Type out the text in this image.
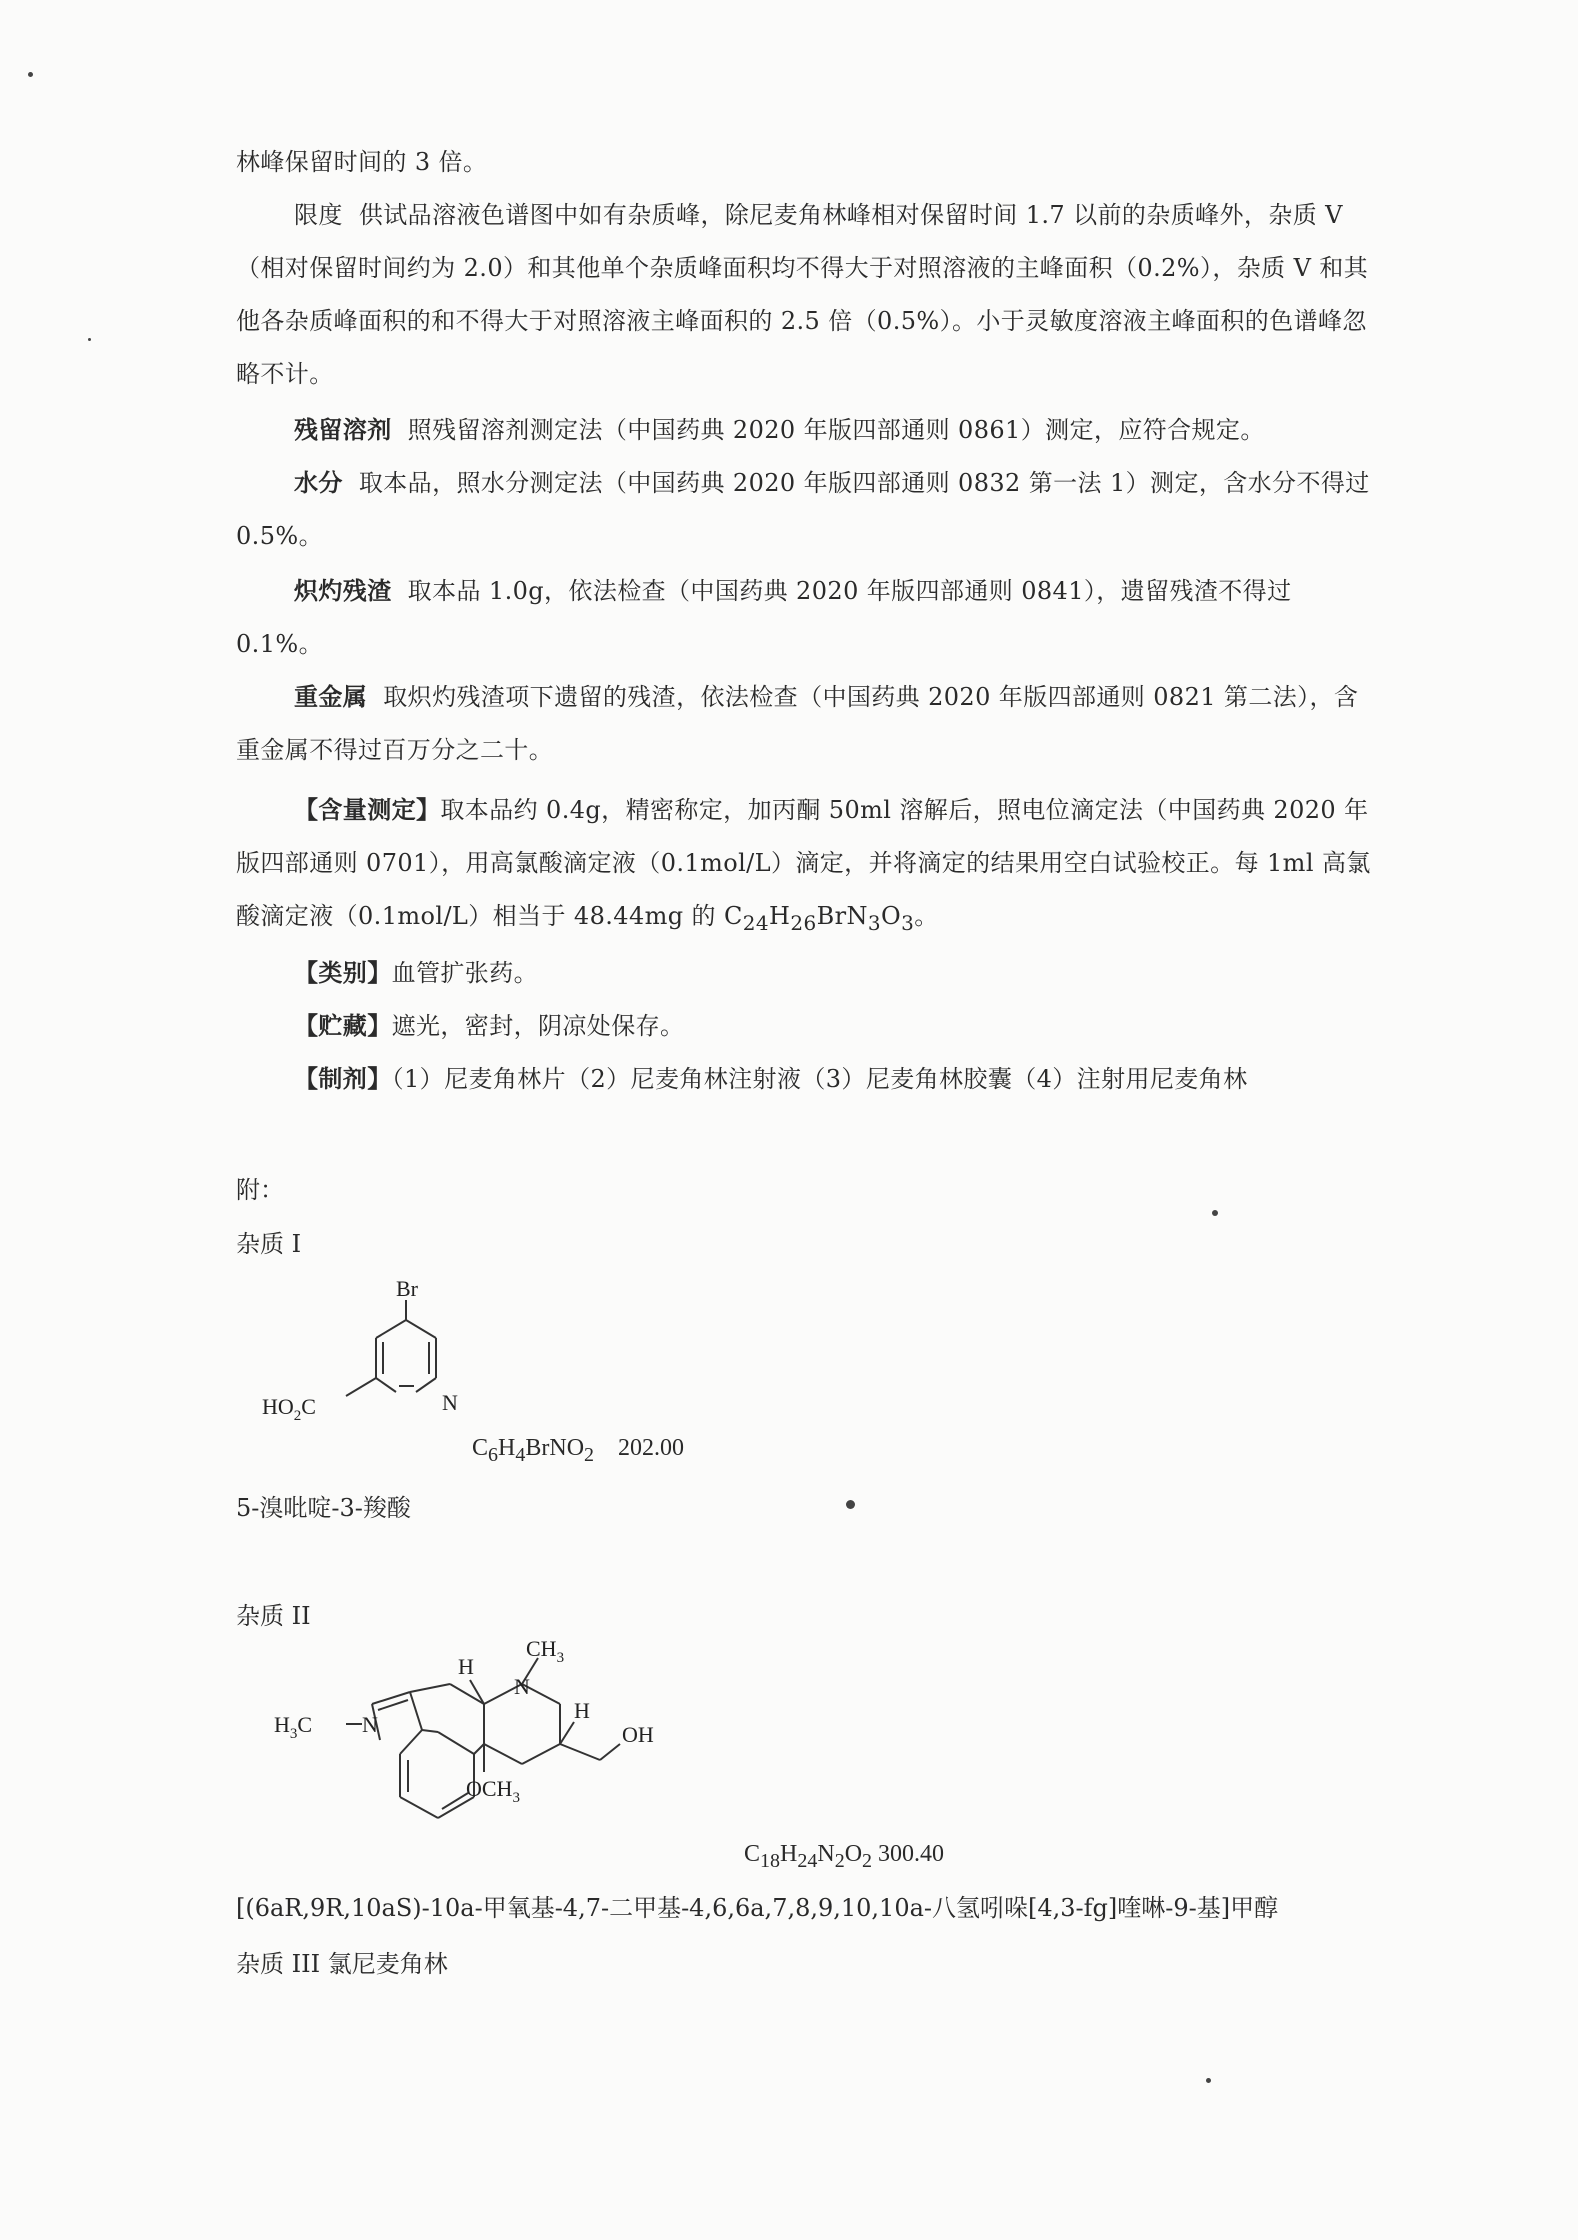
林峰保留时间的 3 倍。
限度 供试品溶液色谱图中如有杂质峰，除尼麦角林峰相对保留时间 1.7 以前的杂质峰外，杂质 V（相对保留时间约为 2.0）和其他单个杂质峰面积均不得大于对照溶液的主峰面积（0.2%），杂质 V 和其他各杂质峰面积的和不得大于对照溶液主峰面积的 2.5 倍（0.5%）。小于灵敏度溶液主峰面积的色谱峰忽略不计。
残留溶剂 照残留溶剂测定法（中国药典 2020 年版四部通则 0861）测定，应符合规定。
水分 取本品，照水分测定法（中国药典 2020 年版四部通则 0832 第一法 1）测定，含水分不得过 0.5%。
炽灼残渣 取本品 1.0g，依法检查（中国药典 2020 年版四部通则 0841），遗留残渣不得过 0.1%。
重金属 取炽灼残渣项下遗留的残渣，依法检查（中国药典 2020 年版四部通则 0821 第二法），含重金属不得过百万分之二十。
【含量测定】取本品约 0.4g，精密称定，加丙酮 50ml 溶解后，照电位滴定法（中国药典 2020 年版四部通则 0701），用高氯酸滴定液（0.1mol/L）滴定，并将滴定的结果用空白试验校正。每 1ml 高氯酸滴定液（0.1mol/L）相当于 48.44mg 的 $C_{24}H_{26}BrN_3O_3$。
【类别】血管扩张药。
【贮藏】遮光，密封，阴凉处保存。
【制剂】（1）尼麦角林片（2）尼麦角林注射液（3）尼麦角林胶囊（4）注射用尼麦角林
附：
杂质 I
Br
N
$HO_2C$
$C_6H_4BrNO_2$ 202.00
5-溴吡啶-3-羧酸
杂质 II
H
$CH_3$
N
$H_3C$ N
H
OH
$OCH_3$
$C_{18}H_{24}N_2O_2$ 300.40
[(6aR,9R,10aS)-10a-甲氧基-4,7-二甲基-4,6,6a,7,8,9,10,10a-八氢吲哚[4,3-fg]喹啉-9-基]甲醇
杂质 III 氯尼麦角林
